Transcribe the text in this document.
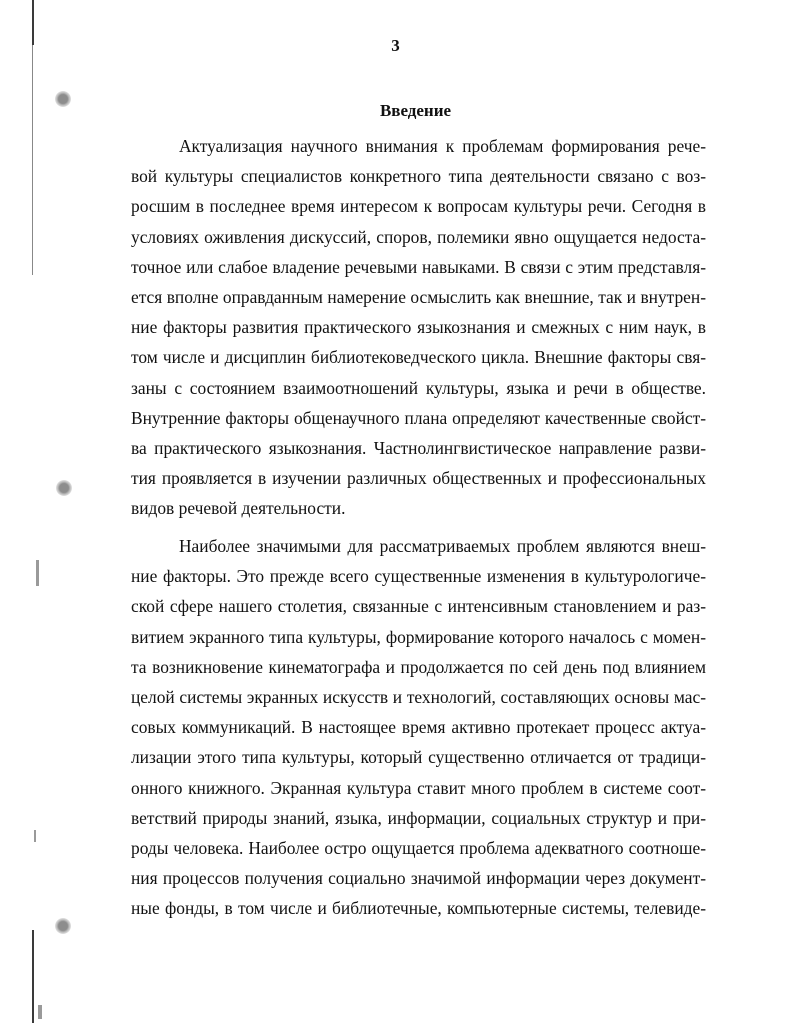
3
Введение
Актуализация научного внимания к проблемам формирования рече-
вой культуры специалистов конкретного типа деятельности связано с воз-
росшим в последнее время интересом к вопросам культуры речи. Сегодня в
условиях оживления дискуссий, споров, полемики явно ощущается недоста-
точное или слабое владение речевыми навыками. В связи с этим представля-
ется вполне оправданным намерение осмыслить как внешние, так и внутрен-
ние факторы развития практического языкознания и смежных с ним наук, в
том числе и дисциплин библиотековедческого цикла. Внешние факторы свя-
заны с состоянием взаимоотношений культуры, языка и речи в обществе.
Внутренние факторы общенаучного плана определяют качественные свойст-
ва практического языкознания. Частнолингвистическое направление разви-
тия проявляется в изучении различных общественных и профессиональных
видов речевой деятельности.
Наиболее значимыми для рассматриваемых проблем являются внеш-
ние факторы. Это прежде всего существенные изменения в культурологиче-
ской сфере нашего столетия, связанные с интенсивным становлением и раз-
витием экранного типа культуры, формирование которого началось с момен-
та возникновение кинематографа и продолжается по сей день под влиянием
целой системы экранных искусств и технологий, составляющих основы мас-
совых коммуникаций. В настоящее время активно протекает процесс актуа-
лизации этого типа культуры, который существенно отличается от традици-
онного книжного. Экранная культура ставит много проблем в системе соот-
ветствий природы знаний, языка, информации, социальных структур и при-
роды человека. Наиболее остро ощущается проблема адекватного соотноше-
ния процессов получения социально значимой информации через документ-
ные фонды, в том числе и библиотечные, компьютерные системы, телевиде-
